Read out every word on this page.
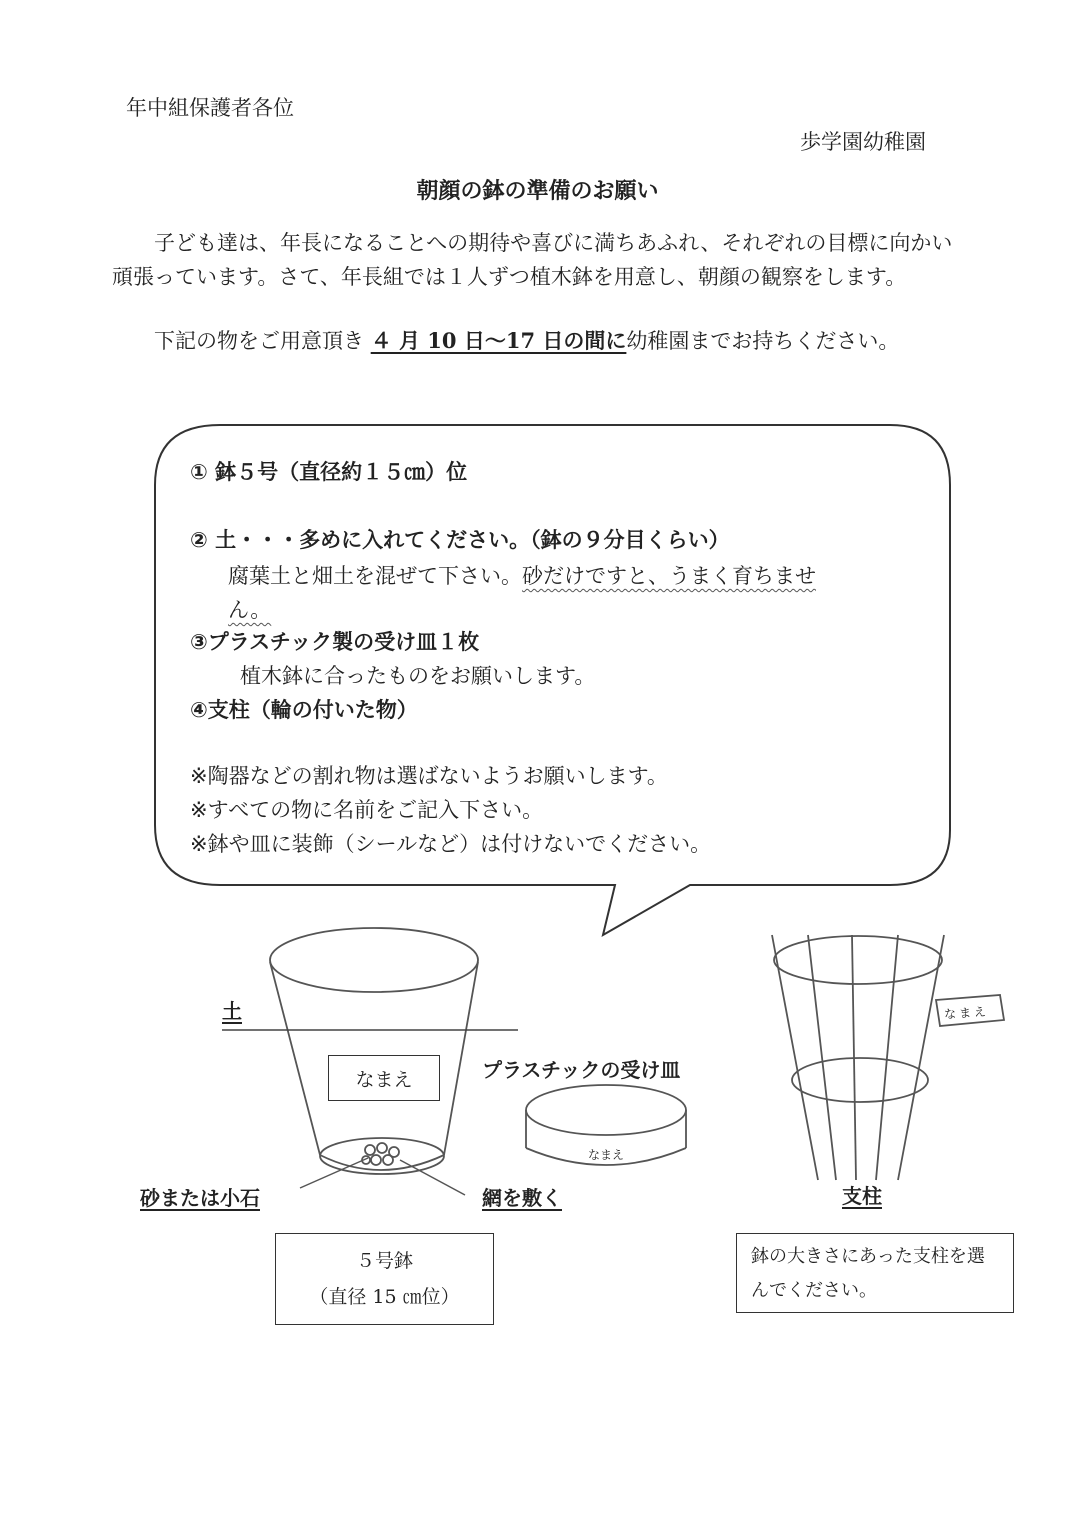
年中組保護者各位
歩学園幼稚園
朝顔の鉢の準備のお願い
子ども達は、年長になることへの期待や喜びに満ちあふれ、それぞれの目標に向かい頑張っています。さて、年長組では１人ずつ植木鉢を用意し、朝顔の観察をします。
下記の物をご用意頂き ４ 月 10 日〜17 日の間に幼稚園までお持ちください。
① 鉢５号（直径約１５㎝）位
② 土・・・多めに入れてください。（鉢の９分目くらい）
腐葉土と畑土を混ぜて下さい。砂だけですと、うまく育ちませ
ん。
③プラスチック製の受け皿１枚
植木鉢に合ったものをお願いします。
④支柱（輪の付いた物）
※陶器などの割れ物は選ばないようお願いします。
※すべての物に名前をご記入下さい。
※鉢や皿に装飾（シールなど）は付けないでください。
土
なまえ	プラスチックの受け皿
なまえ
なまえ
砂または小石	網を敷く	支柱
５号鉢
（直径 15 ㎝位）
鉢の大きさにあった支柱を選んでください。
